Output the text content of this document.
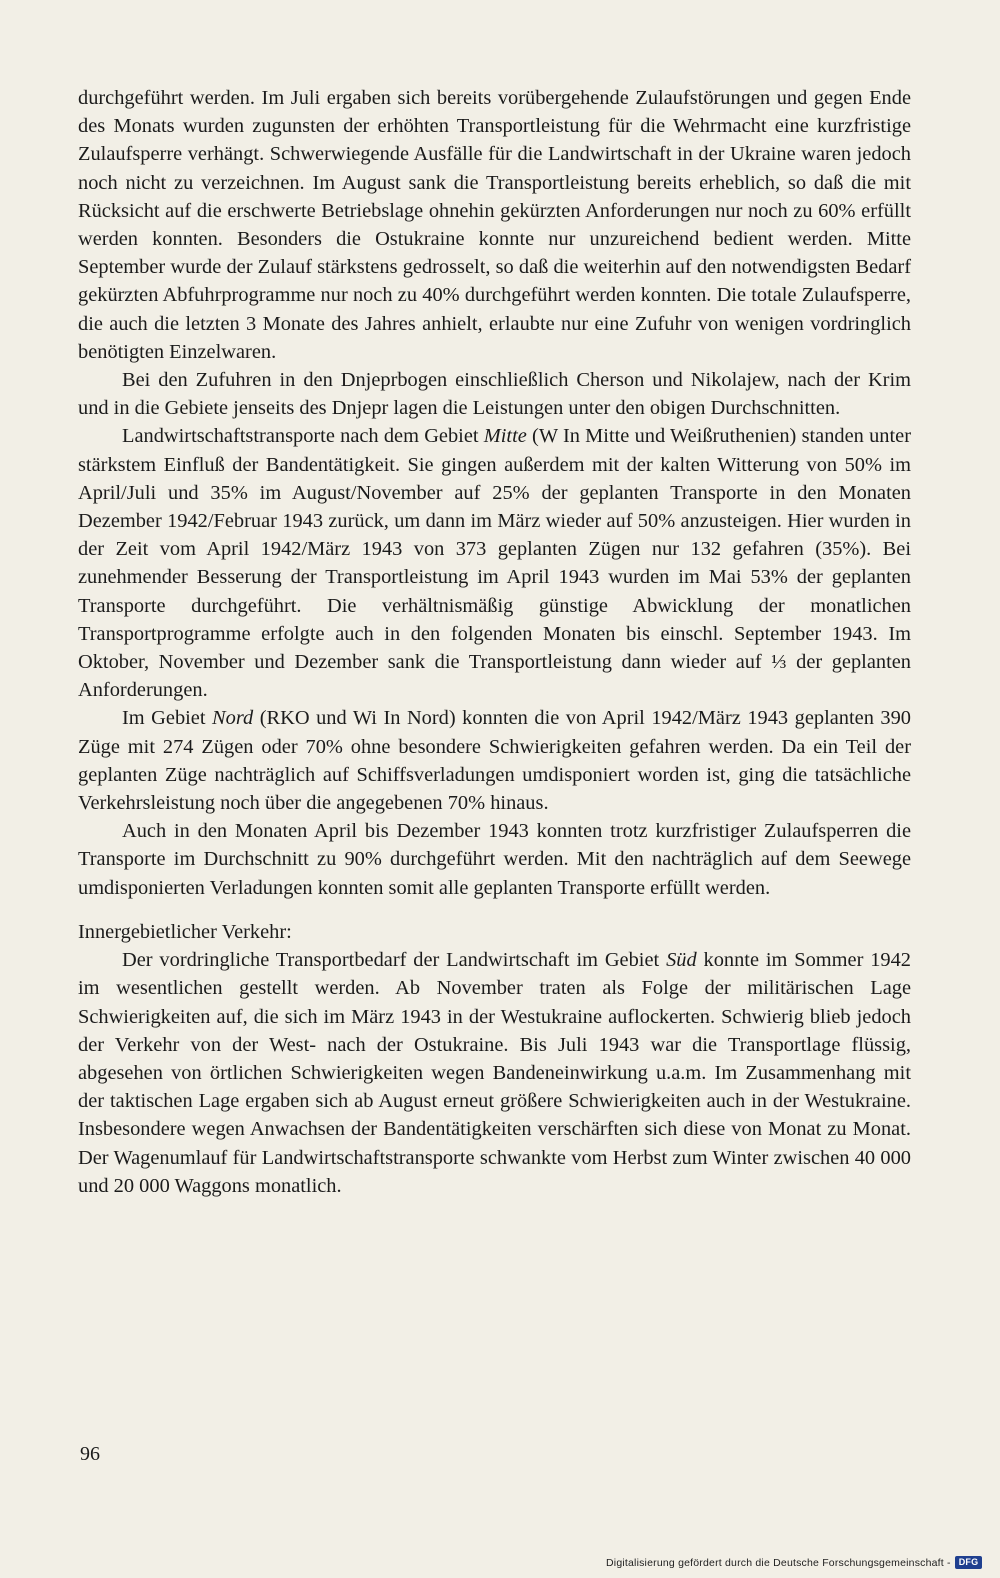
durchgeführt werden. Im Juli ergaben sich bereits vorübergehende Zulaufstörungen und gegen Ende des Monats wurden zugunsten der erhöhten Transportleistung für die Wehrmacht eine kurzfristige Zulaufsperre verhängt. Schwerwiegende Ausfälle für die Landwirtschaft in der Ukraine waren jedoch noch nicht zu verzeichnen. Im August sank die Transportleistung bereits erheblich, so daß die mit Rücksicht auf die erschwerte Betriebslage ohnehin gekürzten Anforderungen nur noch zu 60% erfüllt werden konnten. Besonders die Ostukraine konnte nur unzureichend bedient werden. Mitte September wurde der Zulauf stärkstens gedrosselt, so daß die weiterhin auf den notwendigsten Bedarf gekürzten Abfuhrprogramme nur noch zu 40% durchgeführt werden konnten. Die totale Zulaufsperre, die auch die letzten 3 Monate des Jahres anhielt, erlaubte nur eine Zufuhr von wenigen vordringlich benötigten Einzelwaren.

Bei den Zufuhren in den Dnjeprbogen einschließlich Cherson und Nikolajew, nach der Krim und in die Gebiete jenseits des Dnjepr lagen die Leistungen unter den obigen Durchschnitten.

Landwirtschaftstransporte nach dem Gebiet Mitte (W In Mitte und Weißruthenien) standen unter stärkstem Einfluß der Bandentätigkeit. Sie gingen außerdem mit der kalten Witterung von 50% im April/Juli und 35% im August/November auf 25% der geplanten Transporte in den Monaten Dezember 1942/Februar 1943 zurück, um dann im März wieder auf 50% anzusteigen. Hier wurden in der Zeit vom April 1942/März 1943 von 373 geplanten Zügen nur 132 gefahren (35%). Bei zunehmender Besserung der Transportleistung im April 1943 wurden im Mai 53% der geplanten Transporte durchgeführt. Die verhältnismäßig günstige Abwicklung der monatlichen Transportprogramme erfolgte auch in den folgenden Monaten bis einschl. September 1943. Im Oktober, November und Dezember sank die Transportleistung dann wieder auf ⅓ der geplanten Anforderungen.

Im Gebiet Nord (RKO und Wi In Nord) konnten die von April 1942/März 1943 geplanten 390 Züge mit 274 Zügen oder 70% ohne besondere Schwierigkeiten gefahren werden. Da ein Teil der geplanten Züge nachträglich auf Schiffsverladungen umdisponiert worden ist, ging die tatsächliche Verkehrsleistung noch über die angegebenen 70% hinaus.

Auch in den Monaten April bis Dezember 1943 konnten trotz kurzfristiger Zulaufsperren die Transporte im Durchschnitt zu 90% durchgeführt werden. Mit den nachträglich auf dem Seewege umdisponierten Verladungen konnten somit alle geplanten Transporte erfüllt werden.

Innergebietlicher Verkehr:

Der vordringliche Transportbedarf der Landwirtschaft im Gebiet Süd konnte im Sommer 1942 im wesentlichen gestellt werden. Ab November traten als Folge der militärischen Lage Schwierigkeiten auf, die sich im März 1943 in der Westukraine auflockerten. Schwierig blieb jedoch der Verkehr von der West- nach der Ostukraine. Bis Juli 1943 war die Transportlage flüssig, abgesehen von örtlichen Schwierigkeiten wegen Bandeneinwirkung u.a.m. Im Zusammenhang mit der taktischen Lage ergaben sich ab August erneut größere Schwierigkeiten auch in der Westukraine. Insbesondere wegen Anwachsen der Bandentätigkeiten verschärften sich diese von Monat zu Monat. Der Wagenumlauf für Landwirtschaftstransporte schwankte vom Herbst zum Winter zwischen 40 000 und 20 000 Waggons monatlich.

96
Digitalisierung gefördert durch die Deutsche Forschungsgemeinschaft - DFG
